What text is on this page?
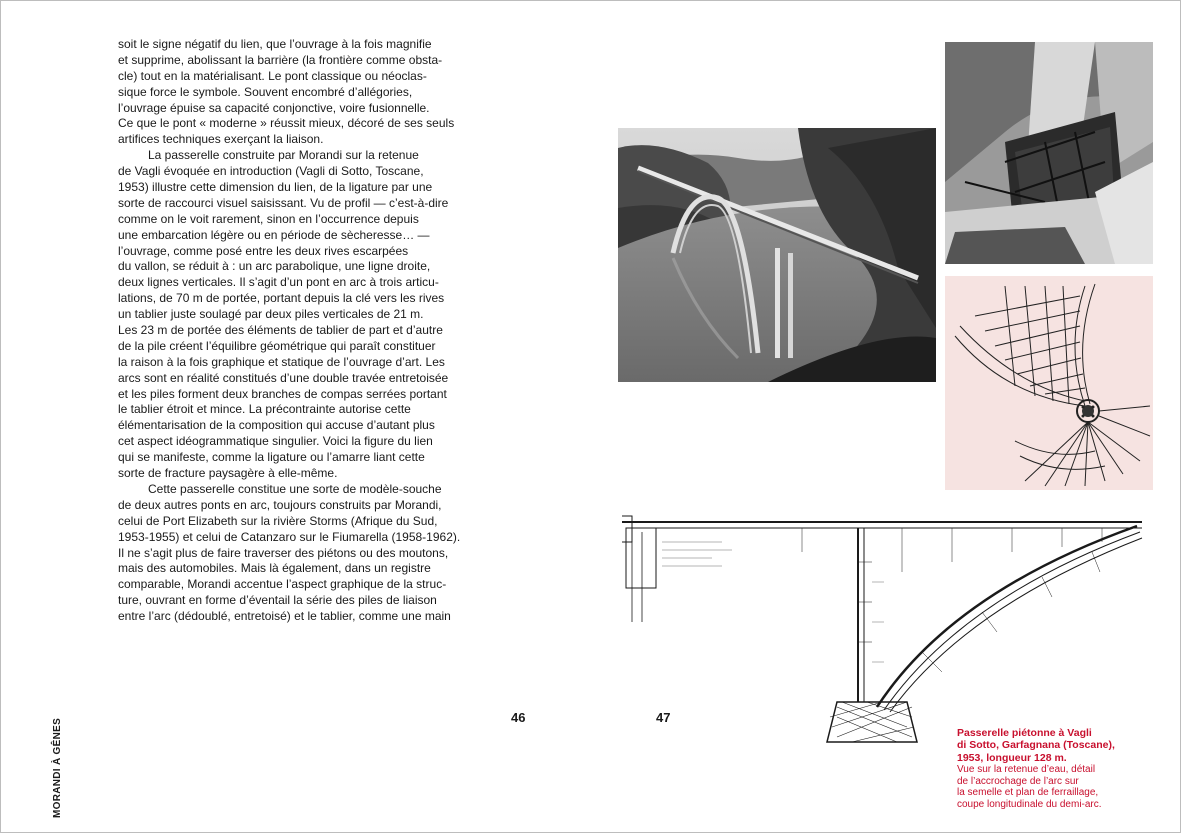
soit le signe négatif du lien, que l’ouvrage à la fois magnifie
et supprime, abolissant la barrière (la frontière comme obsta-
cle) tout en la matérialisant. Le pont classique ou néoclas-
sique force le symbole. Souvent encombré d’allégories,
l’ouvrage épuise sa capacité conjonctive, voire fusionnelle.
Ce que le pont « moderne » réussit mieux, décoré de ses seuls
artifices techniques exerçant la liaison.
La passerelle construite par Morandi sur la retenue
de Vagli évoquée en introduction (Vagli di Sotto, Toscane,
1953) illustre cette dimension du lien, de la ligature par une
sorte de raccourci visuel saisissant. Vu de profil — c’est-à-dire
comme on le voit rarement, sinon en l’occurrence depuis
une embarcation légère ou en période de sècheresse… —
l’ouvrage, comme posé entre les deux rives escarpées
du vallon, se réduit à : un arc parabolique, une ligne droite,
deux lignes verticales. Il s’agit d’un pont en arc à trois articu-
lations, de 70 m de portée, portant depuis la clé vers les rives
un tablier juste soulagé par deux piles verticales de 21 m.
Les 23 m de portée des éléments de tablier de part et d’autre
de la pile créent l’équilibre géométrique qui paraît constituer
la raison à la fois graphique et statique de l’ouvrage d’art. Les
arcs sont en réalité constitués d’une double travée entretoisée
et les piles forment deux branches de compas serrées portant
le tablier étroit et mince. La précontrainte autorise cette
élémentarisation de la composition qui accuse d’autant plus
cet aspect idéogrammatique singulier. Voici la figure du lien
qui se manifeste, comme la ligature ou l’amarre liant cette
sorte de fracture paysagère à elle-même.
Cette passerelle constitue une sorte de modèle-souche
de deux autres ponts en arc, toujours construits par Morandi,
celui de Port Elizabeth sur la rivière Storms (Afrique du Sud,
1953-1955) et celui de Catanzaro sur le Fiumarella (1958-1962).
Il ne s’agit plus de faire traverser des piétons ou des moutons,
mais des automobiles. Mais là également, dans un registre
comparable, Morandi accentue l’aspect graphique de la struc-
ture, ouvrant en forme d’éventail la série des piles de liaison
entre l’arc (dédoublé, entretoisé) et le tablier, comme une main
46	47
MORANDI À GÊNES	Passerelle piétonne à Vagli
di Sotto, Garfagnana (Toscane),
1953, longueur 128 m.
Vue sur la retenue d’eau, détail
de l’accrochage de l’arc sur
la semelle et plan de ferraillage,
coupe longitudinale du demi-arc.
